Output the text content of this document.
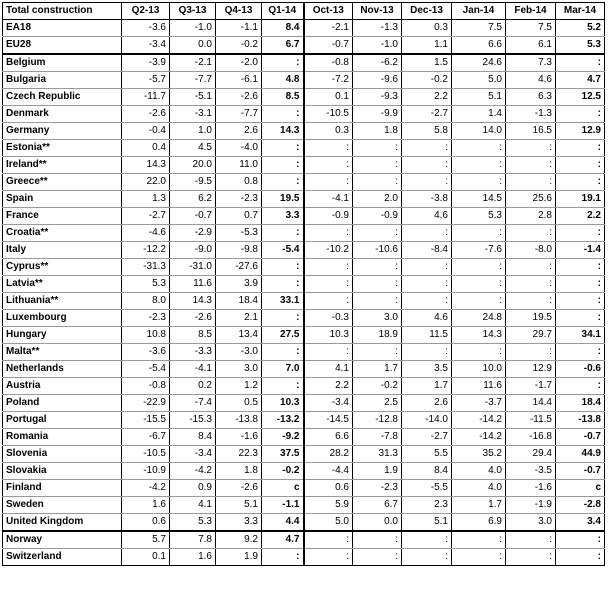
Total construction	Q2-13	Q3-13	Q4-13	Q1-14	Oct-13	Nov-13	Dec-13	Jan-14	Feb-14	Mar-14
EA18	-3.6	-1.0	-1.1	8.4	-2.1	-1.3	0.3	7.5	7.5	5.2
EU28	-3.4	0.0	-0.2	6.7	-0.7	-1.0	1.1	6.6	6.1	5.3
Belgium	-3.9	-2.1	-2.0	:	-0.8	-6.2	1.5	24.6	7.3	:
Bulgaria	-5.7	-7.7	-6.1	4.8	-7.2	-9.6	-0.2	5.0	4.6	4.7
Czech Republic	-11.7	-5.1	-2.6	8.5	0.1	-9.3	2.2	5.1	6.3	12.5
Denmark	-2.6	-3.1	-7.7	:	-10.5	-9.9	-2.7	1.4	-1.3	:
Germany	-0.4	1.0	2.6	14.3	0.3	1.8	5.8	14.0	16.5	12.9
Estonia**	0.4	4.5	-4.0	:	:	:	:	:	:	:
Ireland**	14.3	20.0	11.0	:	:	:	:	:	:	:
Greece**	22.0	-9.5	0.8	:	:	:	:	:	:	:
Spain	1.3	6.2	-2.3	19.5	-4.1	2.0	-3.8	14.5	25.6	19.1
France	-2.7	-0.7	0.7	3.3	-0.9	-0.9	4.6	5.3	2.8	2.2
Croatia**	-4.6	-2.9	-5.3	:	:	:	:	:	:	:
Italy	-12.2	-9.0	-9.8	-5.4	-10.2	-10.6	-8.4	-7.6	-8.0	-1.4
Cyprus**	-31.3	-31.0	-27.6	:	:	:	:	:	:	:
Latvia**	5.3	11.6	3.9	:	:	:	:	:	:	:
Lithuania**	8.0	14.3	18.4	33.1	:	:	:	:	:	:
Luxembourg	-2.3	-2.6	2.1	:	-0.3	3.0	4.6	24.8	19.5	:
Hungary	10.8	8.5	13.4	27.5	10.3	18.9	11.5	14.3	29.7	34.1
Malta**	-3.6	-3.3	-3.0	:	:	:	:	:	:	:
Netherlands	-5.4	-4.1	3.0	7.0	4.1	1.7	3.5	10.0	12.9	-0.6
Austria	-0.8	0.2	1.2	:	2.2	-0.2	1.7	11.6	-1.7	:
Poland	-22.9	-7.4	0.5	10.3	-3.4	2.5	2.6	-3.7	14.4	18.4
Portugal	-15.5	-15.3	-13.8	-13.2	-14.5	-12.8	-14.0	-14.2	-11.5	-13.8
Romania	-6.7	8.4	-1.6	-9.2	6.6	-7.8	-2.7	-14.2	-16.8	-0.7
Slovenia	-10.5	-3.4	22.3	37.5	28.2	31.3	5.5	35.2	29.4	44.9
Slovakia	-10.9	-4.2	1.8	-0.2	-4.4	1.9	8.4	4.0	-3.5	-0.7
Finland	-4.2	0.9	-2.6	c	0.6	-2.3	-5.5	4.0	-1.6	c
Sweden	1.6	4.1	5.1	-1.1	5.9	6.7	2.3	1.7	-1.9	-2.8
United Kingdom	0.6	5.3	3.3	4.4	5.0	0.0	5.1	6.9	3.0	3.4
Norway	5.7	7.8	9.2	4.7	:	:	:	:	:	:
Switzerland	0.1	1.6	1.9	:	:	:	:	:	:	:
